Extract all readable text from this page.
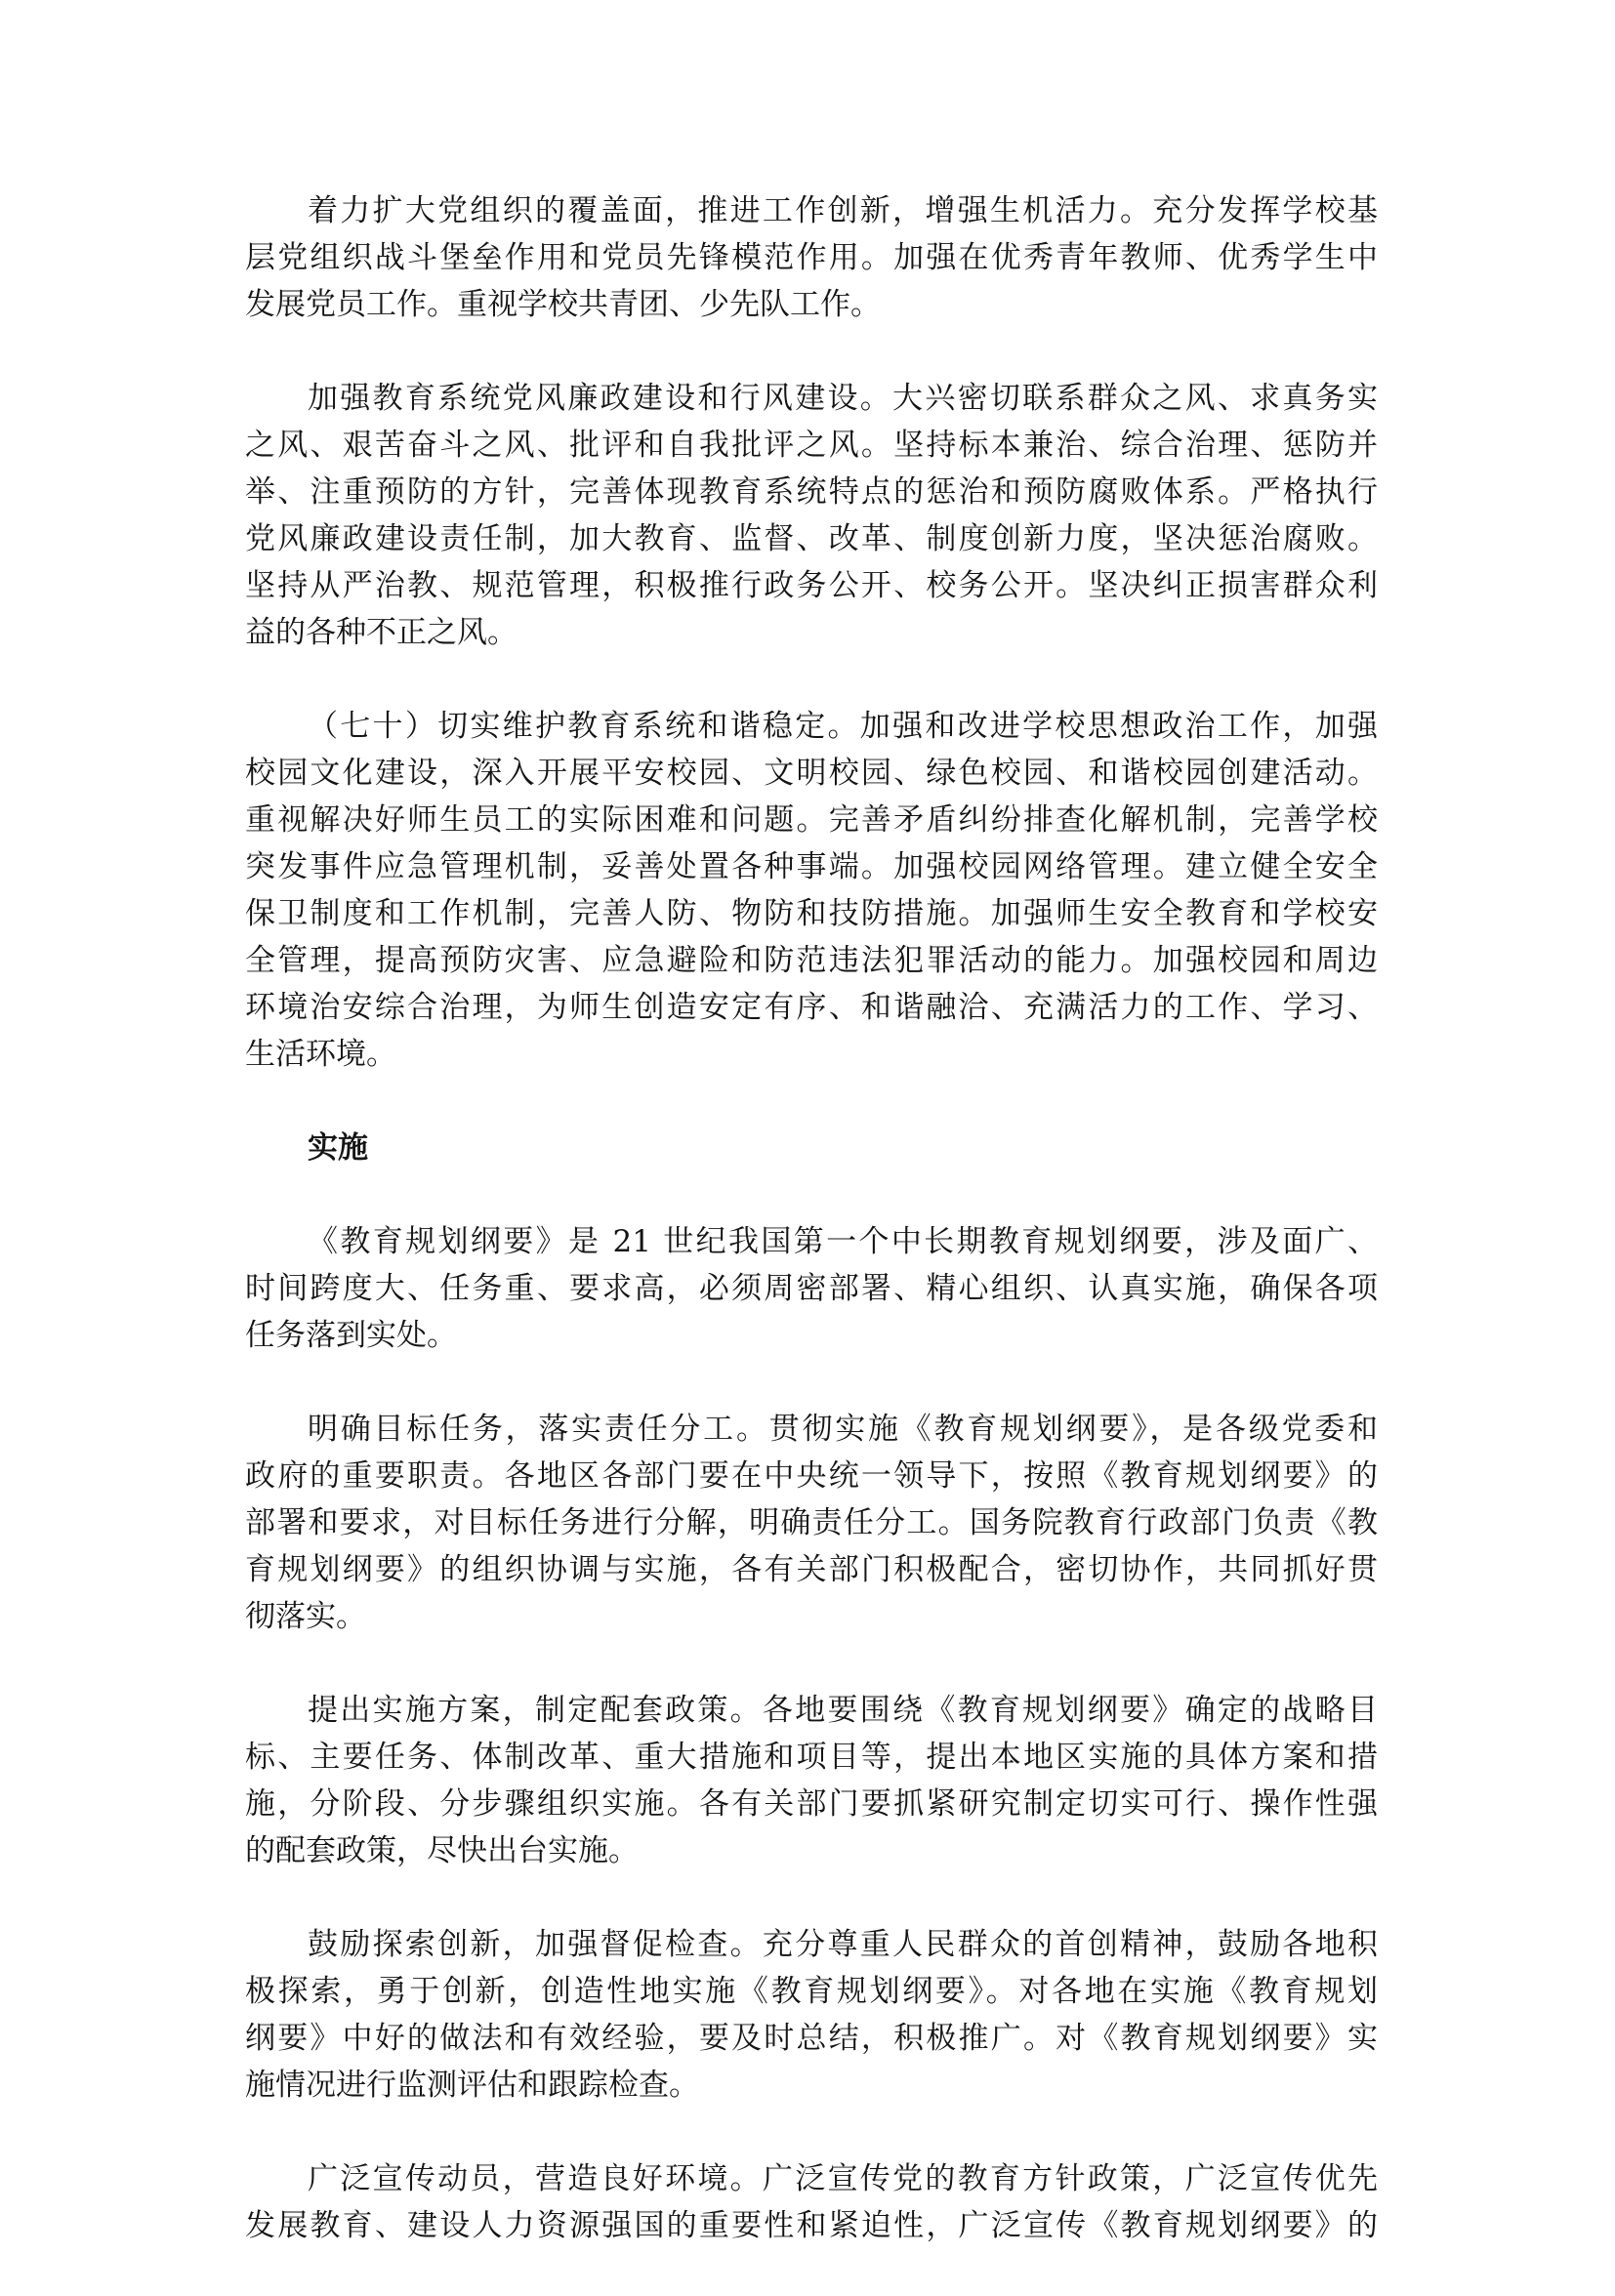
着力扩大党组织的覆盖面，推进工作创新，增强生机活力。充分发挥学校基
层党组织战斗堡垒作用和党员先锋模范作用。加强在优秀青年教师、优秀学生中
发展党员工作。重视学校共青团、少先队工作。
加强教育系统党风廉政建设和行风建设。大兴密切联系群众之风、求真务实
之风、艰苦奋斗之风、批评和自我批评之风。坚持标本兼治、综合治理、惩防并
举、注重预防的方针，完善体现教育系统特点的惩治和预防腐败体系。严格执行
党风廉政建设责任制，加大教育、监督、改革、制度创新力度，坚决惩治腐败。
坚持从严治教、规范管理，积极推行政务公开、校务公开。坚决纠正损害群众利
益的各种不正之风。
（七十）切实维护教育系统和谐稳定。加强和改进学校思想政治工作，加强
校园文化建设，深入开展平安校园、文明校园、绿色校园、和谐校园创建活动。
重视解决好师生员工的实际困难和问题。完善矛盾纠纷排查化解机制，完善学校
突发事件应急管理机制，妥善处置各种事端。加强校园网络管理。建立健全安全
保卫制度和工作机制，完善人防、物防和技防措施。加强师生安全教育和学校安
全管理，提高预防灾害、应急避险和防范违法犯罪活动的能力。加强校园和周边
环境治安综合治理，为师生创造安定有序、和谐融洽、充满活力的工作、学习、
生活环境。
实施
《教育规划纲要》是 21 世纪我国第一个中长期教育规划纲要，涉及面广、
时间跨度大、任务重、要求高，必须周密部署、精心组织、认真实施，确保各项
任务落到实处。
明确目标任务，落实责任分工。贯彻实施《教育规划纲要》，是各级党委和
政府的重要职责。各地区各部门要在中央统一领导下，按照《教育规划纲要》的
部署和要求，对目标任务进行分解，明确责任分工。国务院教育行政部门负责《教
育规划纲要》的组织协调与实施，各有关部门积极配合，密切协作，共同抓好贯
彻落实。
提出实施方案，制定配套政策。各地要围绕《教育规划纲要》确定的战略目
标、主要任务、体制改革、重大措施和项目等，提出本地区实施的具体方案和措
施，分阶段、分步骤组织实施。各有关部门要抓紧研究制定切实可行、操作性强
的配套政策，尽快出台实施。
鼓励探索创新，加强督促检查。充分尊重人民群众的首创精神，鼓励各地积
极探索，勇于创新，创造性地实施《教育规划纲要》。对各地在实施《教育规划
纲要》中好的做法和有效经验，要及时总结，积极推广。对《教育规划纲要》实
施情况进行监测评估和跟踪检查。
广泛宣传动员，营造良好环境。广泛宣传党的教育方针政策，广泛宣传优先
发展教育、建设人力资源强国的重要性和紧迫性，广泛宣传《教育规划纲要》的
